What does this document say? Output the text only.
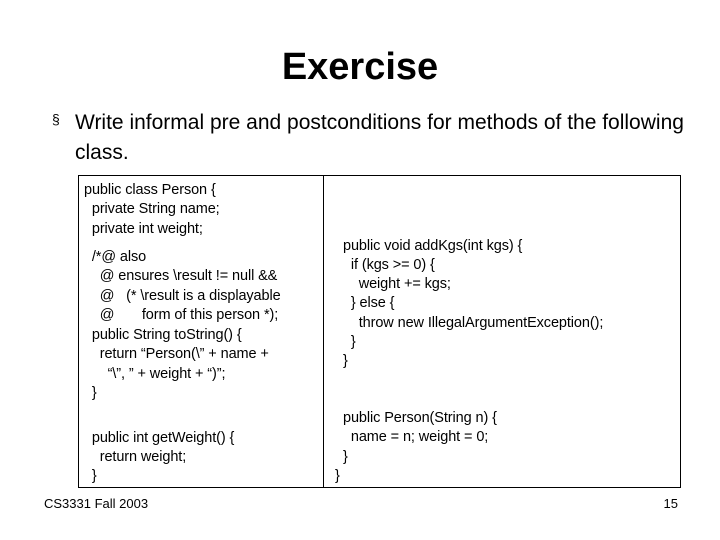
Exercise
§ Write informal pre and postconditions for methods of the following class.
public class Person {
private String name;
private int weight;
/*@ also
@ ensures \result != null &&
@   (* \result is a displayable
@       form of this person *);
public String toString() {
return “Person(\” + name +
“\”, ” + weight + “)”;
}
public int getWeight() {
return weight;
}
public void addKgs(int kgs) {
if (kgs >= 0) {
weight += kgs;
} else {
throw new IllegalArgumentException();
}
}
public Person(String n) {
name = n; weight = 0;
}
}
CS3331 Fall 2003	15
